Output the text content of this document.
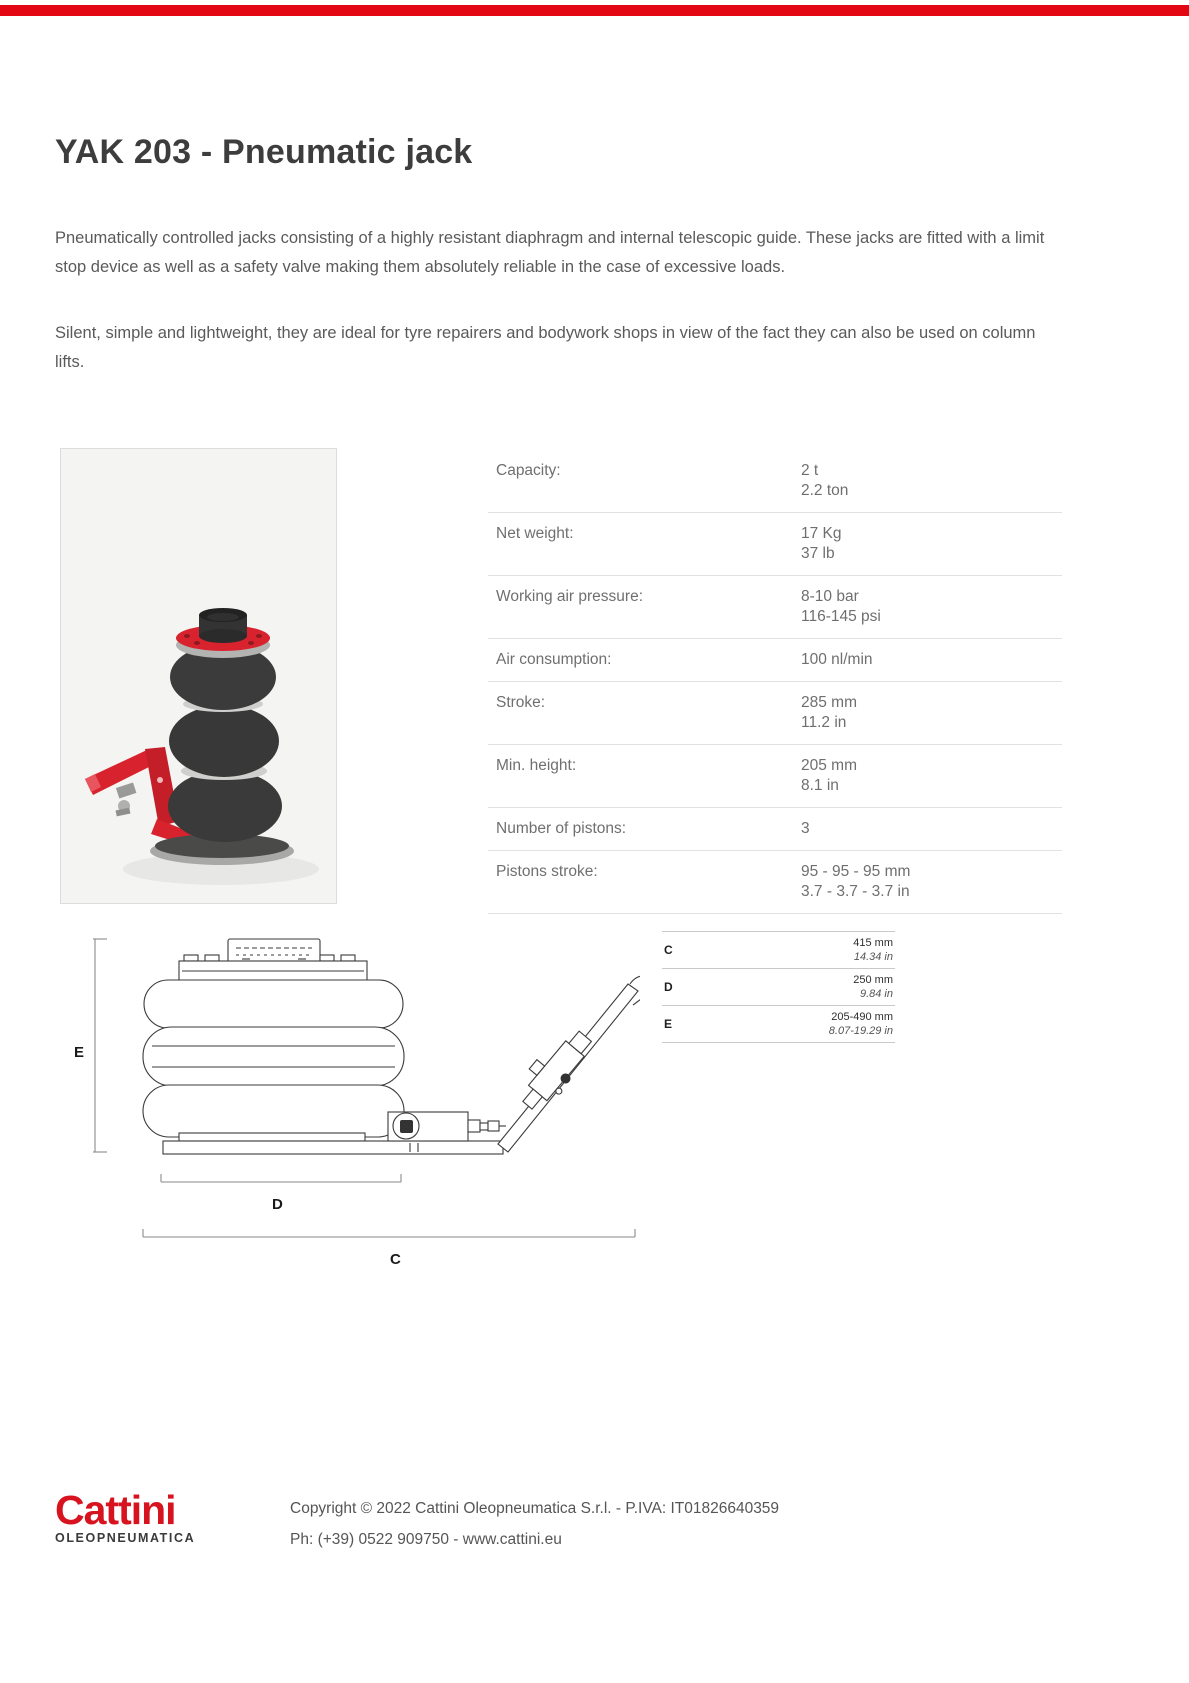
YAK 203 - Pneumatic jack

Pneumatically controlled jacks consisting of a highly resistant diaphragm and internal telescopic guide. These jacks are fitted with a limit stop device as well as a safety valve making them absolutely reliable in the case of excessive loads.

Silent, simple and lightweight, they are ideal for tyre repairers and bodywork shops in view of the fact they can also be used on column lifts.

Capacity:	2 t
2.2 ton
Net weight:	17 Kg
37 lb
Working air pressure:	8-10 bar
116-145 psi
Air consumption:	100 nl/min
Stroke:	285 mm
11.2 in
Min. height:	205 mm
8.1 in
Number of pistons:	3
Pistons stroke:	95 - 95 - 95 mm
3.7 - 3.7 - 3.7 in
E
D
C
C	415 mm
14.34 in
D	250 mm
9.84 in
E	205-490 mm
8.07-19.29 in
Cattini
OLEOPNEUMATICA
Copyright © 2022 Cattini Oleopneumatica S.r.l. - P.IVA: IT01826640359
Ph: (+39) 0522 909750 - www.cattini.eu
